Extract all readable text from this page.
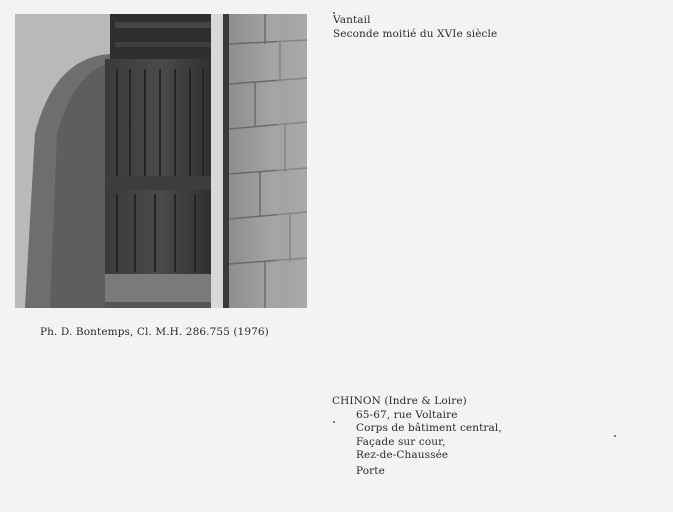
Vantail
Seconde moitié du XVIe siècle
Ph. D. Bontemps, Cl. M.H. 286.755 (1976)
CHINON (Indre & Loire)
65-67, rue Voltaire
Corps de bâtiment central,
Façade sur cour,
Rez-de-Chaussée
Porte
